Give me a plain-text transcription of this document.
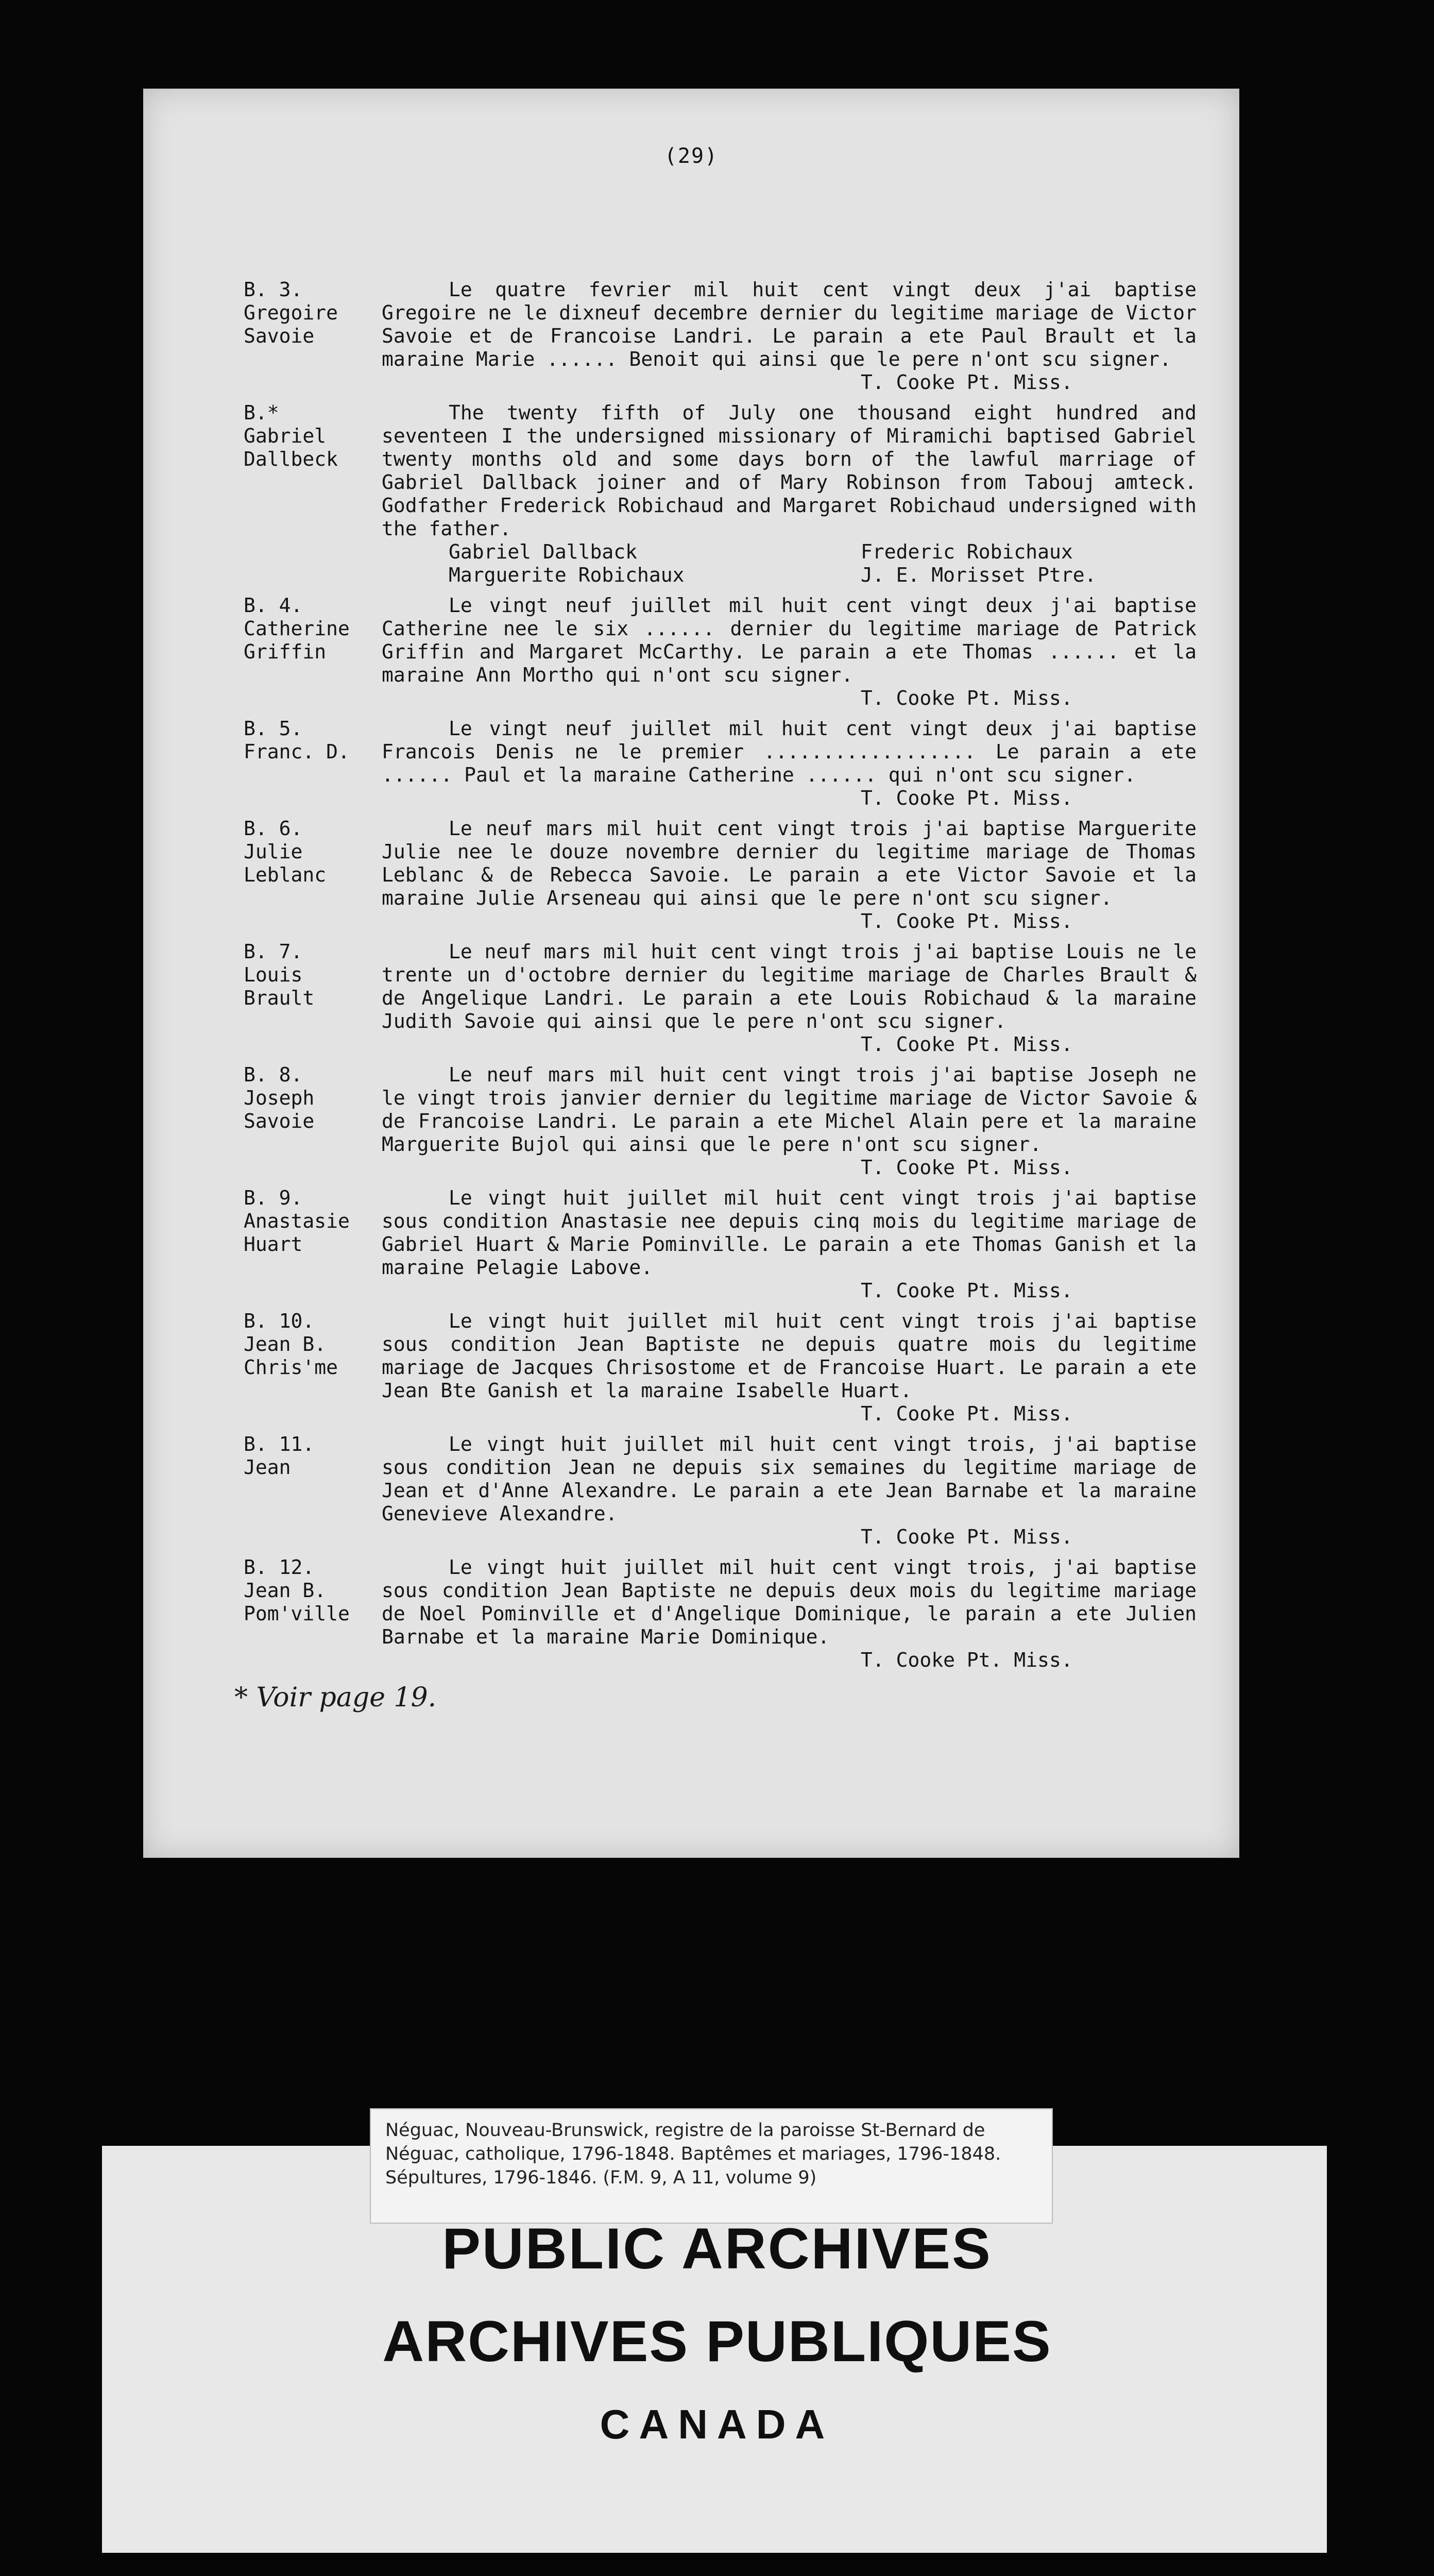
(29)
B. 3.
Gregoire
Savoie

Le quatre fevrier mil huit cent vingt deux j'ai baptise Gregoire ne le dixneuf decembre dernier du legitime mariage de Victor Savoie et de Francoise Landri. Le parain a ete Paul Brault et la maraine Marie ...... Benoit qui ainsi que le pere n'ont scu signer.

T. Cooke Pt. Miss.
B.*
Gabriel
Dallbeck

The twenty fifth of July one thousand eight hundred and seventeen I the undersigned missionary of Miramichi baptised Gabriel twenty months old and some days born of the lawful marriage of Gabriel Dallback joiner and of Mary Robinson from Tabouj amteck. Godfather Frederick Robichaud and Margaret Robichaud undersigned with the father.

Gabriel Dallback	Frederic Robichaux
Marguerite Robichaux	J. E. Morisset Ptre.
B. 4.
Catherine
Griffin

Le vingt neuf juillet mil huit cent vingt deux j'ai baptise Catherine nee le six ...... dernier du legitime mariage de Patrick Griffin and Margaret McCarthy. Le parain a ete Thomas ...... et la maraine Ann Mortho qui n'ont scu signer.

T. Cooke Pt. Miss.
B. 5.
Franc. D.

Le vingt neuf juillet mil huit cent vingt deux j'ai baptise Francois Denis ne le premier .................. Le parain a ete ...... Paul et la maraine Catherine ...... qui n'ont scu signer.

T. Cooke Pt. Miss.
B. 6.
Julie
Leblanc

Le neuf mars mil huit cent vingt trois j'ai baptise Marguerite Julie nee le douze novembre dernier du legitime mariage de Thomas Leblanc & de Rebecca Savoie. Le parain a ete Victor Savoie et la maraine Julie Arseneau qui ainsi que le pere n'ont scu signer.

T. Cooke Pt. Miss.
B. 7.
Louis
Brault

Le neuf mars mil huit cent vingt trois j'ai baptise Louis ne le trente un d'octobre dernier du legitime mariage de Charles Brault & de Angelique Landri. Le parain a ete Louis Robichaud & la maraine Judith Savoie qui ainsi que le pere n'ont scu signer.

T. Cooke Pt. Miss.
B. 8.
Joseph
Savoie

Le neuf mars mil huit cent vingt trois j'ai baptise Joseph ne le vingt trois janvier dernier du legitime mariage de Victor Savoie & de Francoise Landri. Le parain a ete Michel Alain pere et la maraine Marguerite Bujol qui ainsi que le pere n'ont scu signer.

T. Cooke Pt. Miss.
B. 9.
Anastasie
Huart

Le vingt huit juillet mil huit cent vingt trois j'ai baptise sous condition Anastasie nee depuis cinq mois du legitime mariage de Gabriel Huart & Marie Pominville. Le parain a ete Thomas Ganish et la maraine Pelagie Labove.

T. Cooke Pt. Miss.
B. 10.
Jean B.
Chris'me

Le vingt huit juillet mil huit cent vingt trois j'ai baptise sous condition Jean Baptiste ne depuis quatre mois du legitime mariage de Jacques Chrisostome et de Francoise Huart. Le parain a ete Jean Bte Ganish et la maraine Isabelle Huart.

T. Cooke Pt. Miss.
B. 11.
Jean

Le vingt huit juillet mil huit cent vingt trois, j'ai baptise sous condition Jean ne depuis six semaines du legitime mariage de Jean et d'Anne Alexandre. Le parain a ete Jean Barnabe et la maraine Genevieve Alexandre.

T. Cooke Pt. Miss.
B. 12.
Jean B.
Pom'ville

Le vingt huit juillet mil huit cent vingt trois, j'ai baptise sous condition Jean Baptiste ne depuis deux mois du legitime mariage de Noel Pominville et d'Angelique Dominique, le parain a ete Julien Barnabe et la maraine Marie Dominique.

T. Cooke Pt. Miss.
* Voir page 19.
Néguac, Nouveau-Brunswick, registre de la paroisse St-Bernard de Néguac, catholique, 1796-1848. Baptêmes et mariages, 1796-1848. Sépultures, 1796-1846. (F.M. 9, A 11, volume 9)
PUBLIC ARCHIVES
ARCHIVES PUBLIQUES
CANADA
